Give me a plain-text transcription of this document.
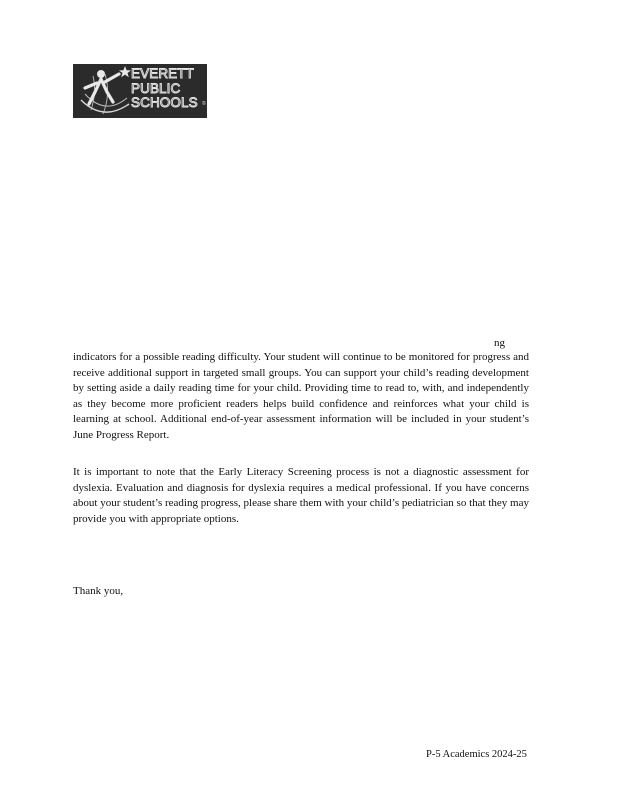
EVERETT
PUBLIC
SCHOOLS ®
ng

indicators for a possible reading difficulty. Your student will continue to be monitored for progress and receive additional support in targeted small groups. You can support your child’s reading development by setting aside a daily reading time for your child. Providing time to read to, with, and independently as they become more proficient readers helps build confidence and reinforces what your child is learning at school. Additional end-of-year assessment information will be included in your student’s June Progress Report.

It is important to note that the Early Literacy Screening process is not a diagnostic assessment for dyslexia. Evaluation and diagnosis for dyslexia requires a medical professional. If you have concerns about your student’s reading progress, please share them with your child’s pediatrician so that they may provide you with appropriate options.

Thank you,

P-5 Academics 2024-25
